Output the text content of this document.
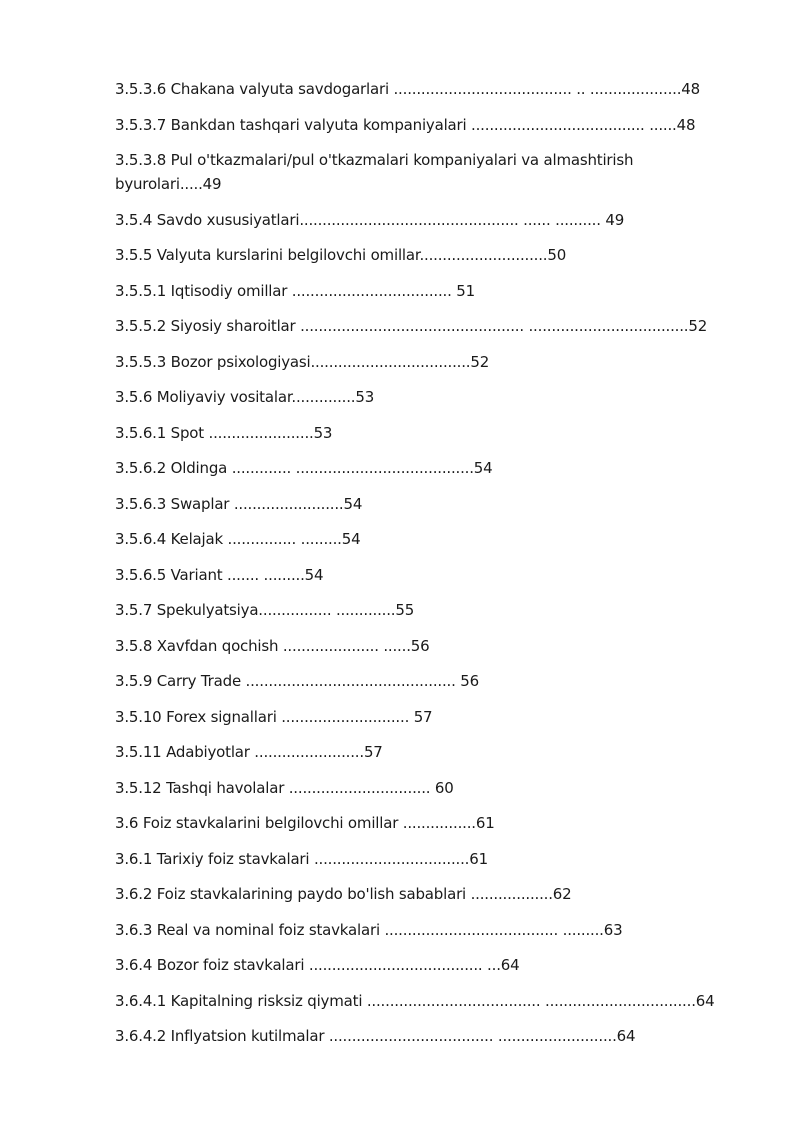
3.5.3.6 Chakana valyuta savdogarlari ....................................... .. ....................48
3.5.3.7 Bankdan tashqari valyuta kompaniyalari ...................................... ......48
3.5.3.8 Pul o'tkazmalari/pul o'tkazmalari kompaniyalari va almashtirish byurolari.....49
3.5.4 Savdo xususiyatlari................................................ ...... .......... 49
3.5.5 Valyuta kurslarini belgilovchi omillar............................50
3.5.5.1 Iqtisodiy omillar ................................... 51
3.5.5.2 Siyosiy sharoitlar ................................................. ...................................52
3.5.5.3 Bozor psixologiyasi...................................52
3.5.6 Moliyaviy vositalar..............53
3.5.6.1 Spot .......................53
3.5.6.2 Oldinga ............. .......................................54
3.5.6.3 Swaplar ........................54
3.5.6.4 Kelajak ............... .........54
3.5.6.5 Variant ....... .........54
3.5.7 Spekulyatsiya................ .............55
3.5.8 Xavfdan qochish ..................... ......56
3.5.9 Carry Trade .............................................. 56
3.5.10 Forex signallari ............................ 57
3.5.11 Adabiyotlar ........................57
3.5.12 Tashqi havolalar ............................... 60
3.6 Foiz stavkalarini belgilovchi omillar ................61
3.6.1 Tarixiy foiz stavkalari ..................................61
3.6.2 Foiz stavkalarining paydo bo'lish sabablari ..................62
3.6.3 Real va nominal foiz stavkalari ...................................... .........63
3.6.4 Bozor foiz stavkalari ...................................... ...64
3.6.4.1 Kapitalning risksiz qiymati ...................................... .................................64
3.6.4.2 Inflyatsion kutilmalar .................................... ..........................64
